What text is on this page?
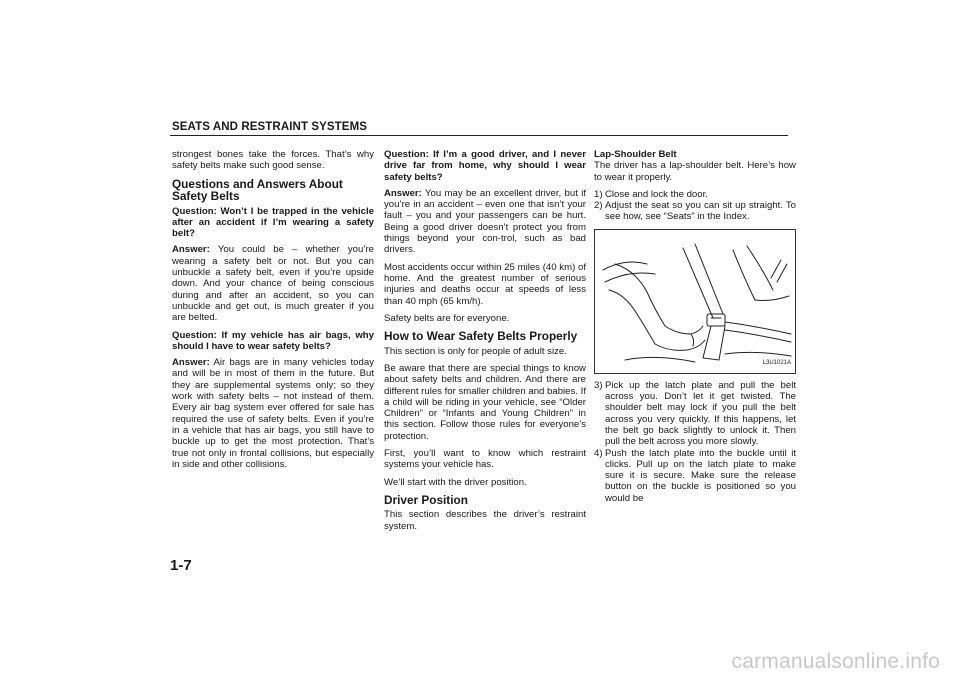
SEATS AND RESTRAINT SYSTEMS

strongest bones take the forces. That’s why safety belts make such good sense.

Questions and Answers About Safety Belts

Question: Won’t I be trapped in the vehicle after an accident if I’m wearing a safety belt?

Answer: You could be – whether you’re wearing a safety belt or not. But you can unbuckle a safety belt, even if you’re upside down. And your chance of being conscious during and after an accident, so you can unbuckle and get out, is much greater if you are belted.

Question: If my vehicle has air bags, why should I have to wear safety belts?

Answer: Air bags are in many vehicles today and will be in most of them in the future. But they are supplemental systems only; so they work with safety belts – not instead of them. Every air bag system ever offered for sale has required the use of safety belts. Even if you’re in a vehicle that has air bags, you still have to buckle up to get the most protection. That’s true not only in frontal collisions, but especially in side and other collisions.

Question: If I’m a good driver, and I never drive far from home, why should I wear safety belts?

Answer: You may be an excellent driver, but if you’re in an accident – even one that isn’t your fault – you and your passengers can be hurt. Being a good driver doesn’t protect you from things beyond your con-trol, such as bad drivers.

Most accidents occur within 25 miles (40 km) of home. And the greatest number of serious injuries and deaths occur at speeds of less than 40 mph (65 km/h).

Safety belts are for everyone.

How to Wear Safety Belts Properly

This section is only for people of adult size.

Be aware that there are special things to know about safety belts and children. And there are different rules for smaller children and babies. If a child will be riding in your vehicle, see “Older Children” or “Infants and Young Children” in this section. Follow those rules for everyone’s protection.

First, you’ll want to know which restraint systems your vehicle has.

We’ll start with the driver position.

Driver Position

This section describes the driver’s restraint system.

Lap-Shoulder Belt

The driver has a lap-shoulder belt. Here’s how to wear it properly.

1) Close and lock the door.
2) Adjust the seat so you can sit up straight. To see how, see “Seats” in the Index.
L3U1021A
3) Pick up the latch plate and pull the belt across you. Don’t let it get twisted. The shoulder belt may lock if you pull the belt across you very quickly. If this happens, let the belt go back slightly to unlock it. Then pull the belt across you more slowly.
4) Push the latch plate into the buckle until it clicks. Pull up on the latch plate to make sure it is secure. Make sure the release button on the buckle is positioned so you would be
1-7
carmanualsonline.info
